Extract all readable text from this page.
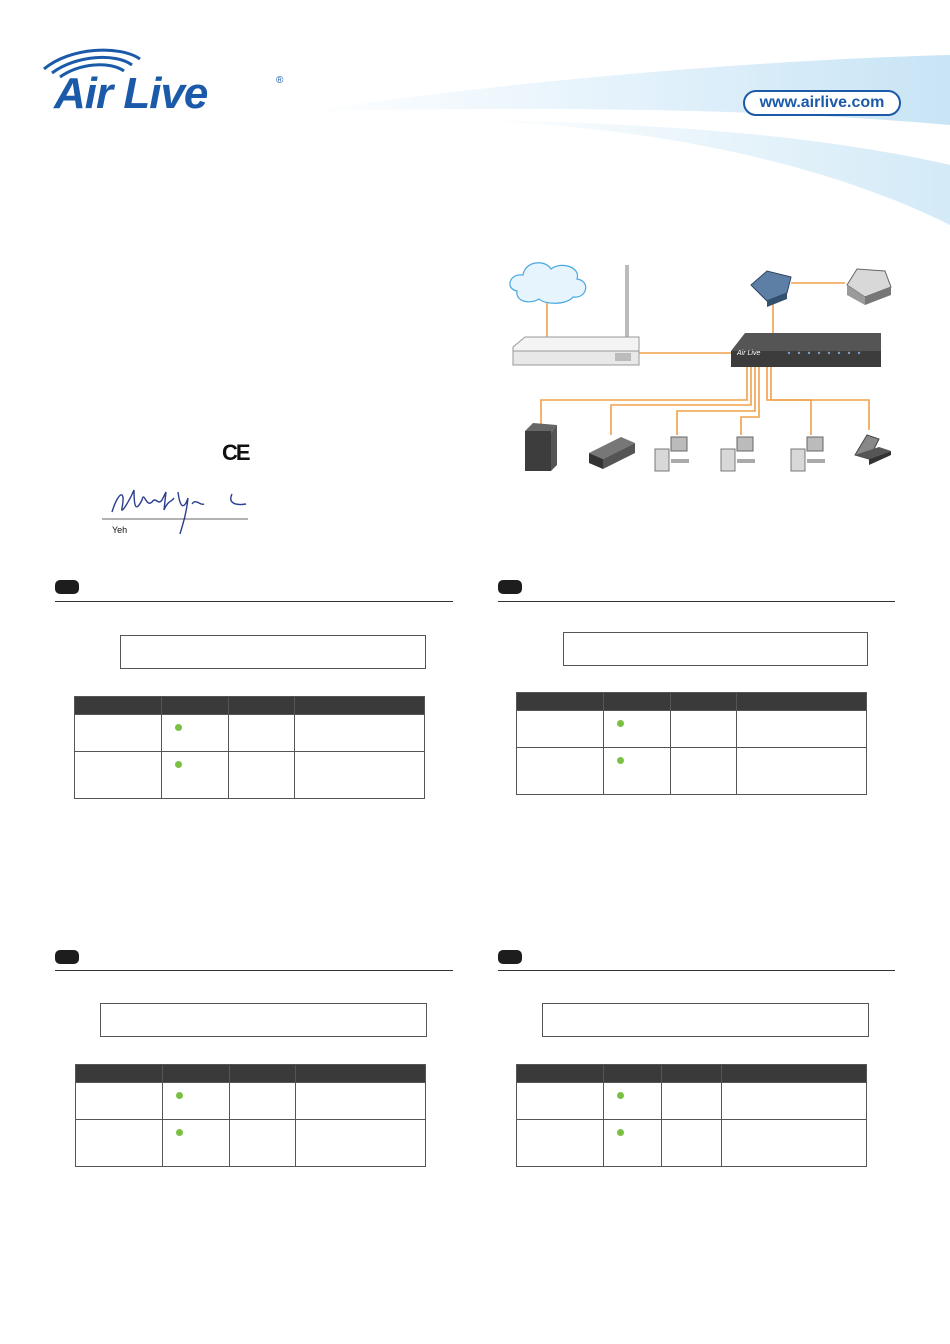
Air Live	®
www.airlive.com
CE
Yeh
Air Live
